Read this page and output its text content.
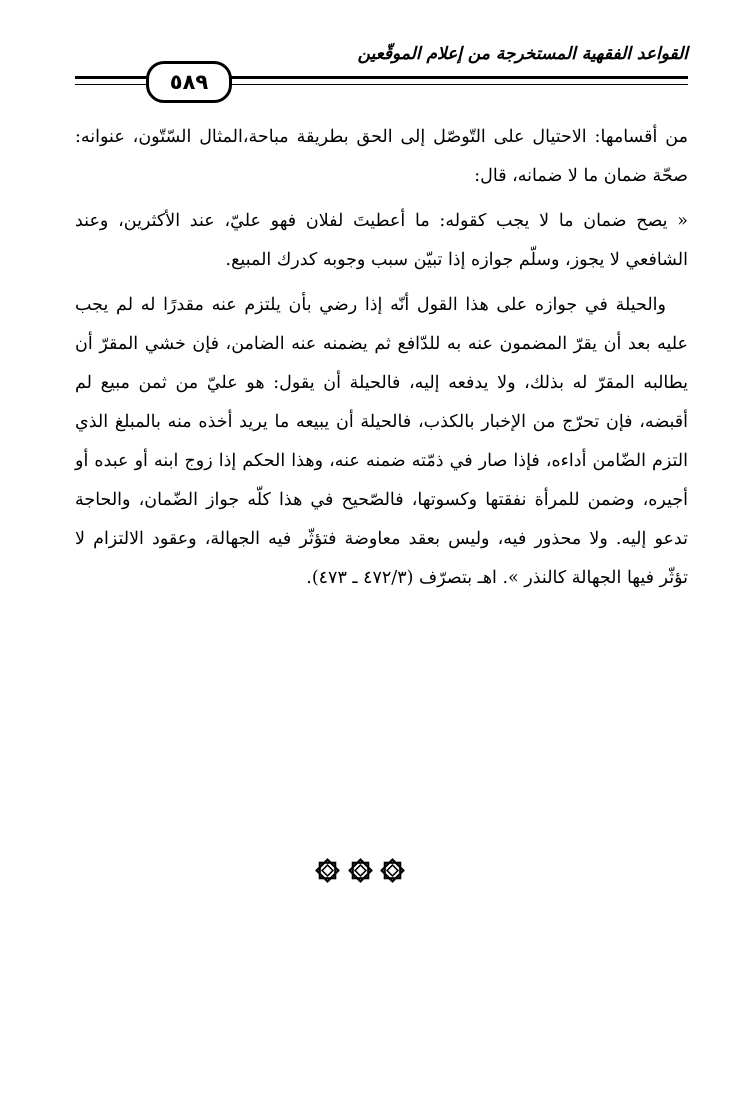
القواعد الفقهية المستخرجة من إعلام الموقّعين
٥٨٩

من أقسامها: الاحتيال على التّوصّل إلى الحق بطريقة مباحة،المثال السّتّون، عنوانه: صحّة ضمان ما لا ضمانه، قال:

« يصح ضمان ما لا يجب كقوله: ما أعطيتَ لفلان فهو عليّ، عند الأكثرين، وعند الشافعي لا يجوز، وسلّم جوازه إذا تبيّن سبب وجوبه كدرك المبيع.

والحيلة في جوازه على هذا القول أنّه إذا رضي بأن يلتزم عنه مقدرًا له لم يجب عليه بعد أن يقرّ المضمون عنه به للدّافع ثم يضمنه عنه الضامن، فإن خشي المقرّ أن يطالبه المقرّ له بذلك، ولا يدفعه إليه، فالحيلة أن يقول: هو عليّ من ثمن مبيع لم أقبضه، فإن تحرّج من الإخبار بالكذب، فالحيلة أن يبيعه ما يريد أخذه منه بالمبلغ الذي التزم الضّامن أداءه، فإذا صار في ذمّته ضمنه عنه، وهذا الحكم إذا زوج ابنه أو عبده أو أجيره، وضمن للمرأة نفقتها وكسوتها، فالصّحيح في هذا كلّه جواز الضّمان، والحاجة تدعو إليه. ولا محذور فيه، وليس بعقد معاوضة فتؤثّر فيه الجهالة، وعقود الالتزام لا تؤثّر فيها الجهالة كالنذر ». اهـ بتصرّف (٤٧٢/٣ ـ ٤٧٣).
